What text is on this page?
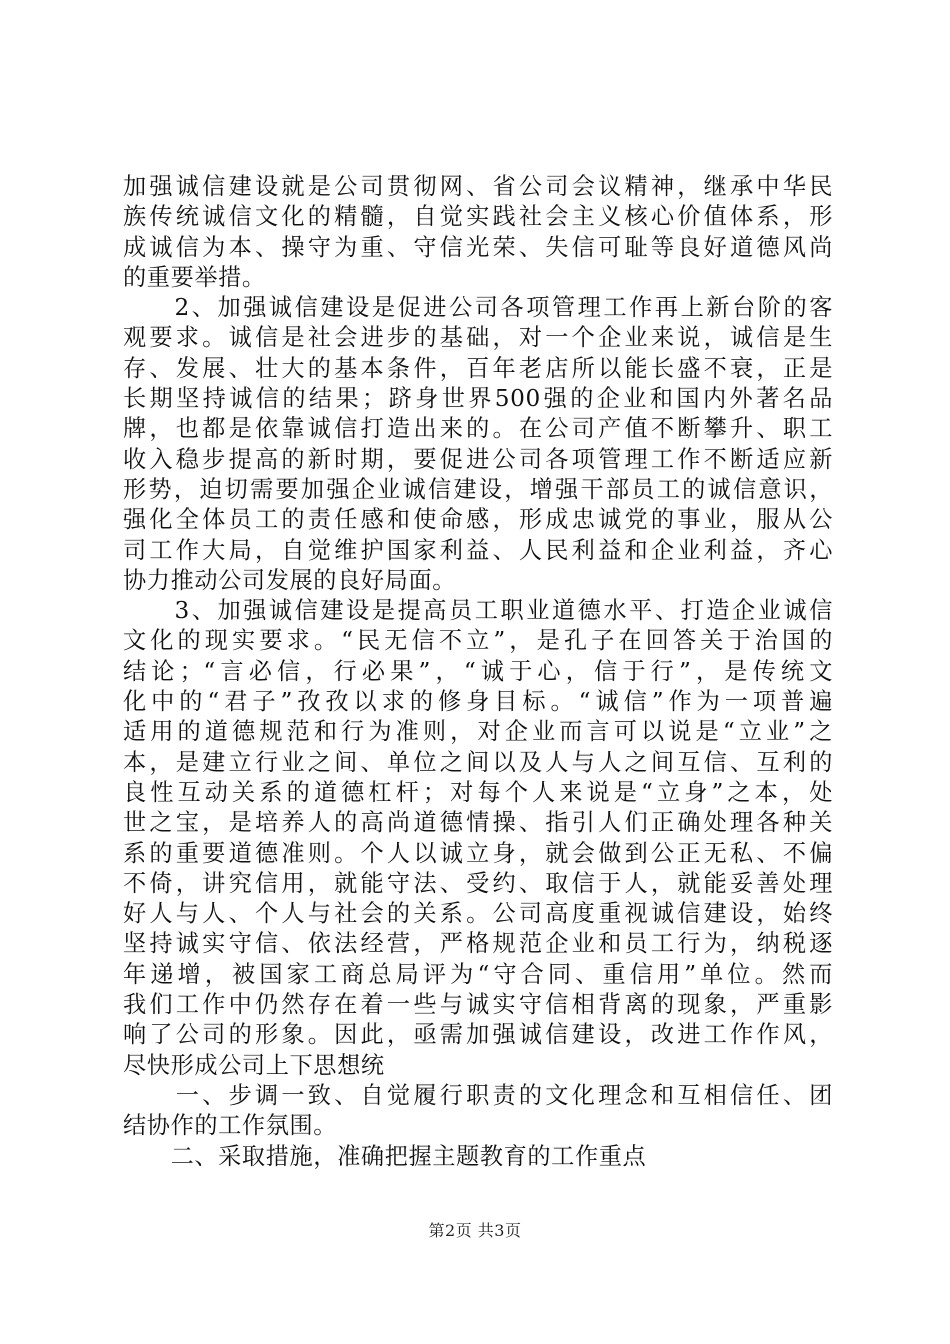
加强诚信建设就是公司贯彻网、省公司会议精神，继承中华民
族传统诚信文化的精髓，自觉实践社会主义核心价值体系，形
成诚信为本、操守为重、守信光荣、失信可耻等良好道德风尚
的重要举措。
　　2、加强诚信建设是促进公司各项管理工作再上新台阶的客
观要求。诚信是社会进步的基础，对一个企业来说，诚信是生
存、发展、壮大的基本条件，百年老店所以能长盛不衰，正是
长期坚持诚信的结果；跻身世界500强的企业和国内外著名品
牌，也都是依靠诚信打造出来的。在公司产值不断攀升、职工
收入稳步提高的新时期，要促进公司各项管理工作不断适应新
形势，迫切需要加强企业诚信建设，增强干部员工的诚信意识，
强化全体员工的责任感和使命感，形成忠诚党的事业，服从公
司工作大局，自觉维护国家利益、人民利益和企业利益，齐心
协力推动公司发展的良好局面。
　　3、加强诚信建设是提高员工职业道德水平、打造企业诚信
文化的现实要求。“民无信不立”，是孔子在回答关于治国的
结论；“言必信，行必果”，“诚于心，信于行”，是传统文
化中的“君子”孜孜以求的修身目标。“诚信”作为一项普遍
适用的道德规范和行为准则，对企业而言可以说是“立业”之
本，是建立行业之间、单位之间以及人与人之间互信、互利的
良性互动关系的道德杠杆；对每个人来说是“立身”之本，处
世之宝，是培养人的高尚道德情操、指引人们正确处理各种关
系的重要道德准则。个人以诚立身，就会做到公正无私、不偏
不倚，讲究信用，就能守法、受约、取信于人，就能妥善处理
好人与人、个人与社会的关系。公司高度重视诚信建设，始终
坚持诚实守信、依法经营，严格规范企业和员工行为，纳税逐
年递增，被国家工商总局评为“守合同、重信用”单位。然而
我们工作中仍然存在着一些与诚实守信相背离的现象，严重影
响了公司的形象。因此，亟需加强诚信建设，改进工作作风，
尽快形成公司上下思想统
　　一、步调一致、自觉履行职责的文化理念和互相信任、团
结协作的工作氛围。
　　二、采取措施，准确把握主题教育的工作重点
第2页 共3页
